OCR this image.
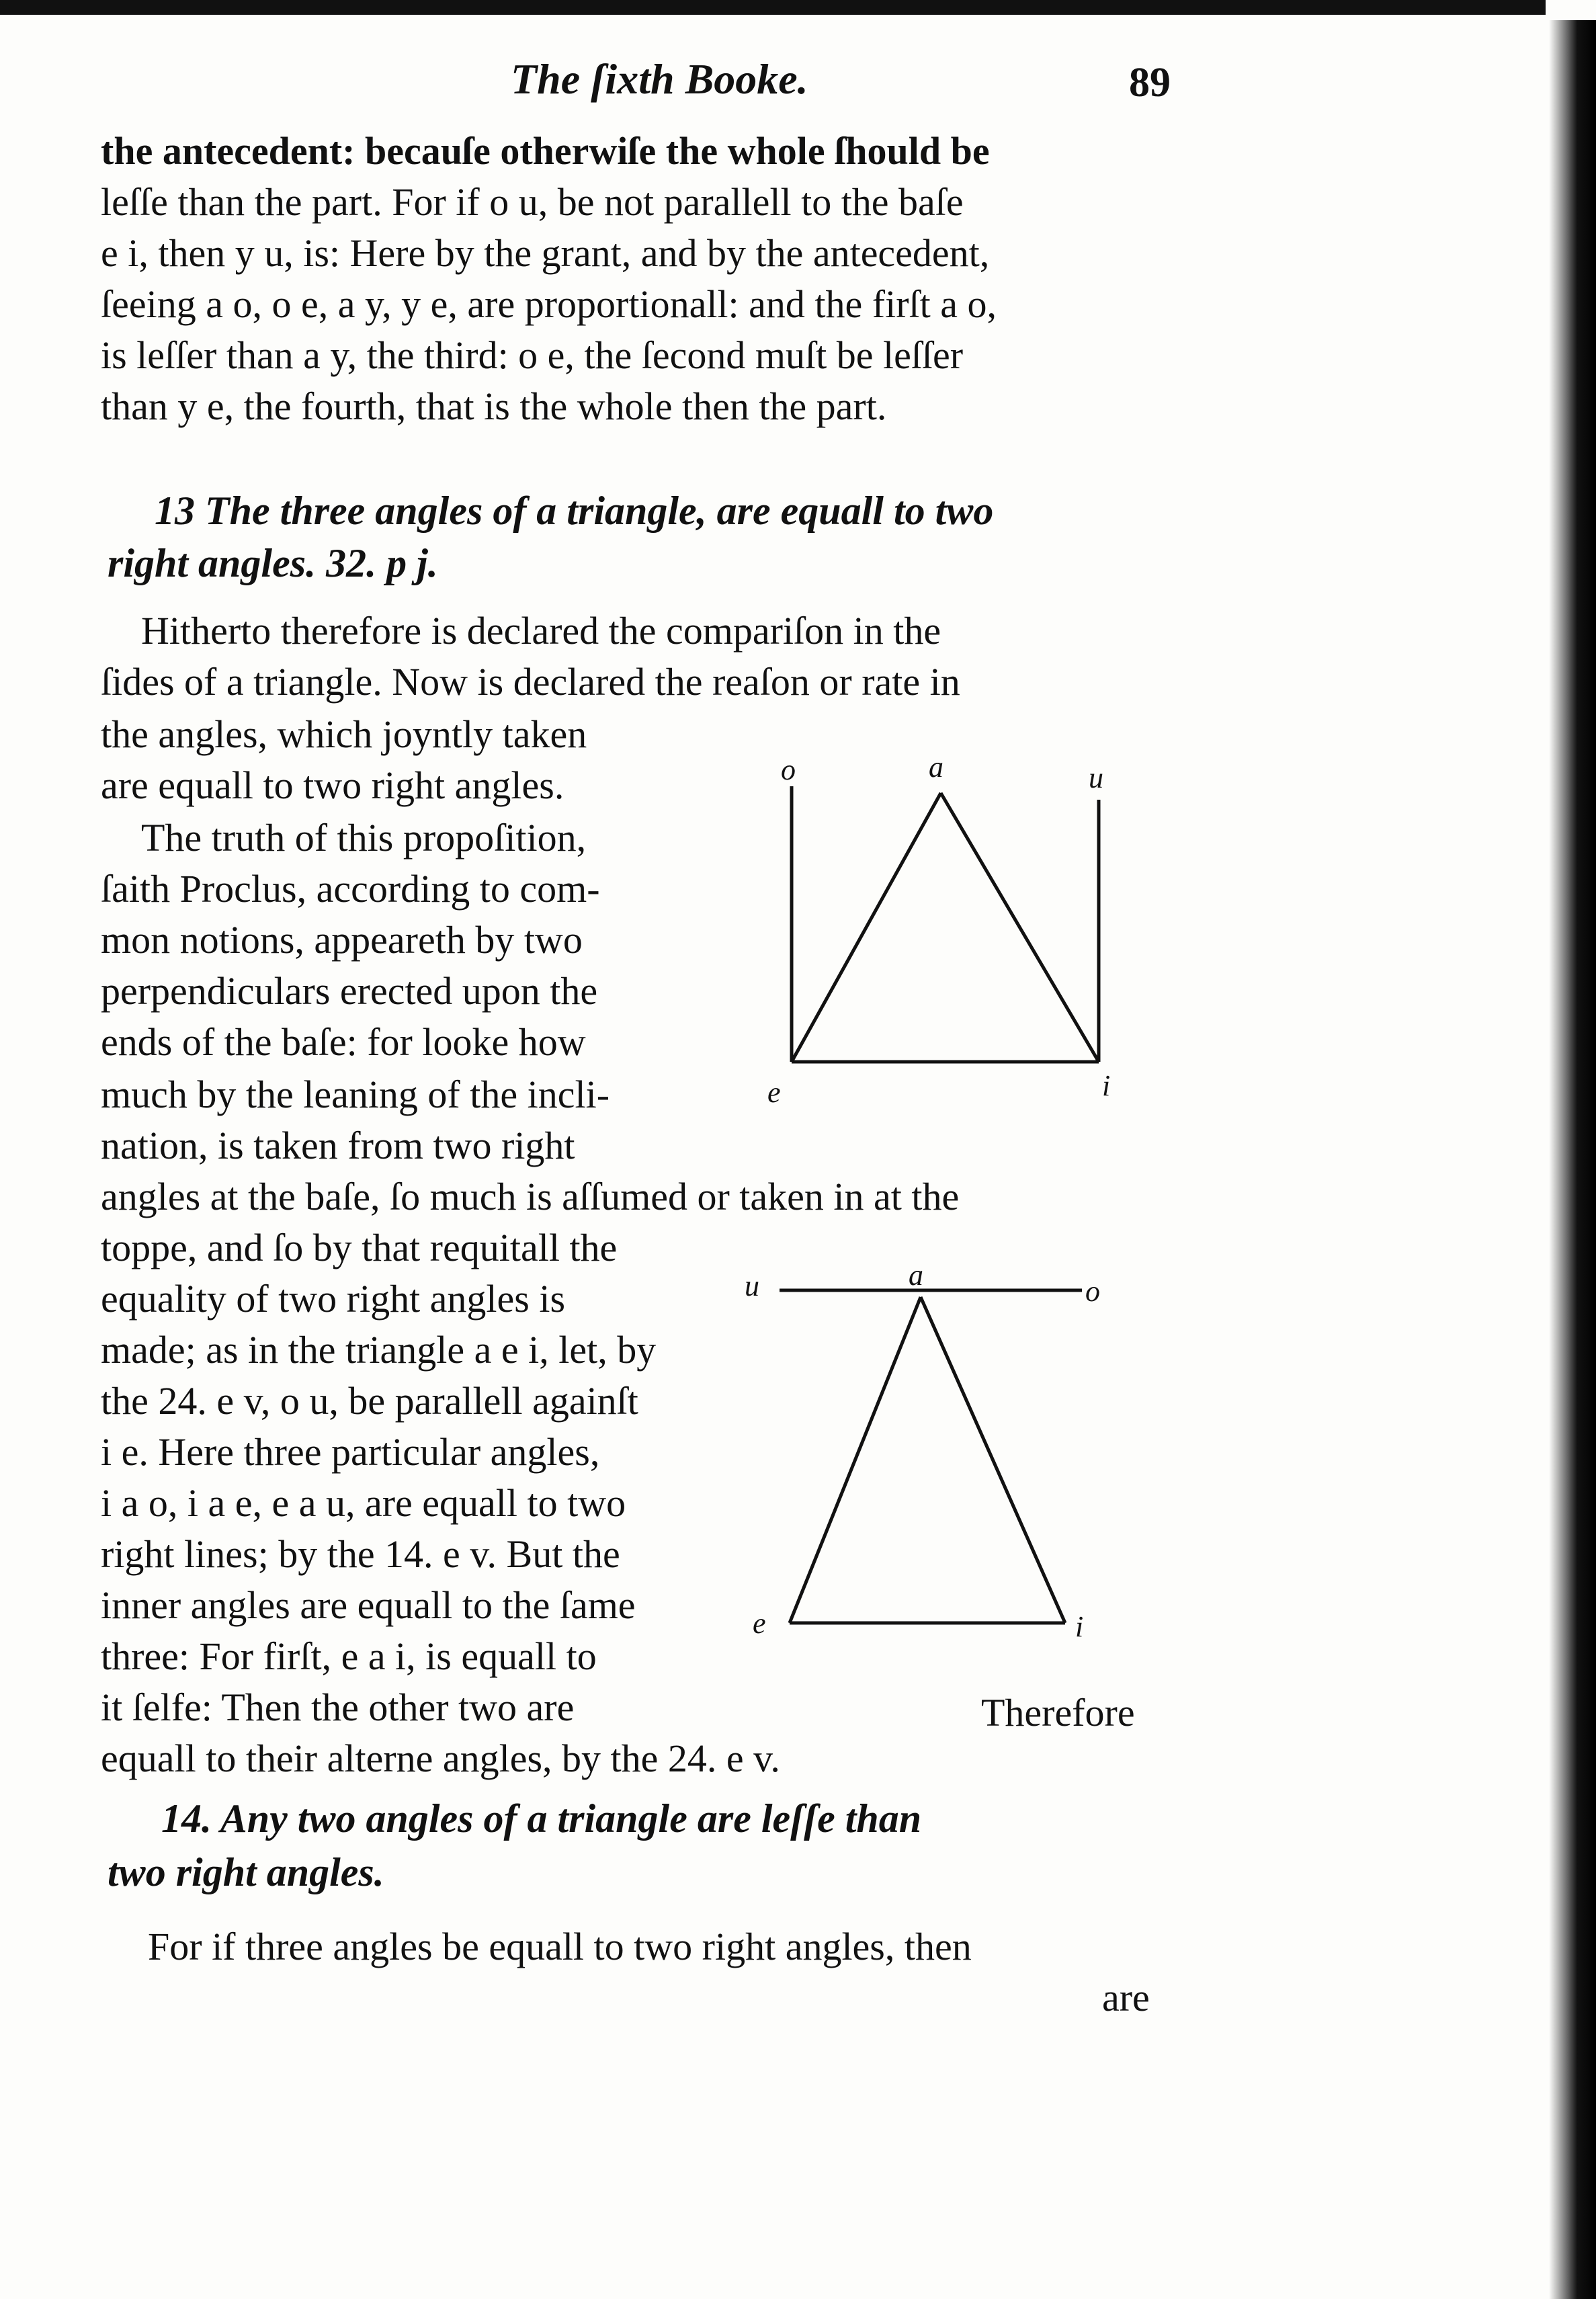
The ſixth Booke.	89

the antecedent: becauſe otherwiſe the whole ſhould be

leſſe than the part. For if o u, be not parallell to the baſe

e i, then y u, is: Here by the grant, and by the antecedent,

ſeeing a o, o e, a y, y e, are proportionall: and the firſt a o,

is leſſer than a y, the third: o e, the ſecond muſt be leſſer

than y e, the fourth, that is the whole then the part.

13 The three angles of a triangle, are equall to two

right angles. 32. p j.

Hitherto therefore is declared the compariſon in the

ſides of a triangle. Now is declared the reaſon or rate in

the angles, which joyntly taken

are equall to two right angles.

The truth of this propoſition,

ſaith Proclus, according to com-

mon notions, appeareth by two

perpendiculars erected upon the

ends of the baſe: for looke how

much by the leaning of the incli-

nation, is taken from two right

angles at the baſe, ſo much is aſſumed or taken in at the

toppe, and ſo by that requitall the

equality of two right angles is

made; as in the triangle a e i, let, by

the 24. e v, o u, be parallell againſt

i e. Here three particular angles,

i a o, i a e, e a u, are equall to two

right lines; by the 14. e v. But the

inner angles are equall to the ſame

three: For firſt, e a i, is equall to

it ſelfe: Then the other two are

equall to their alterne angles, by the 24. e v.

Therefore

14. Any two angles of a triangle are leſſe than

two right angles.

For if three angles be equall to two right angles, then

are

o	a	u
e	i
u	a	o
e	i
